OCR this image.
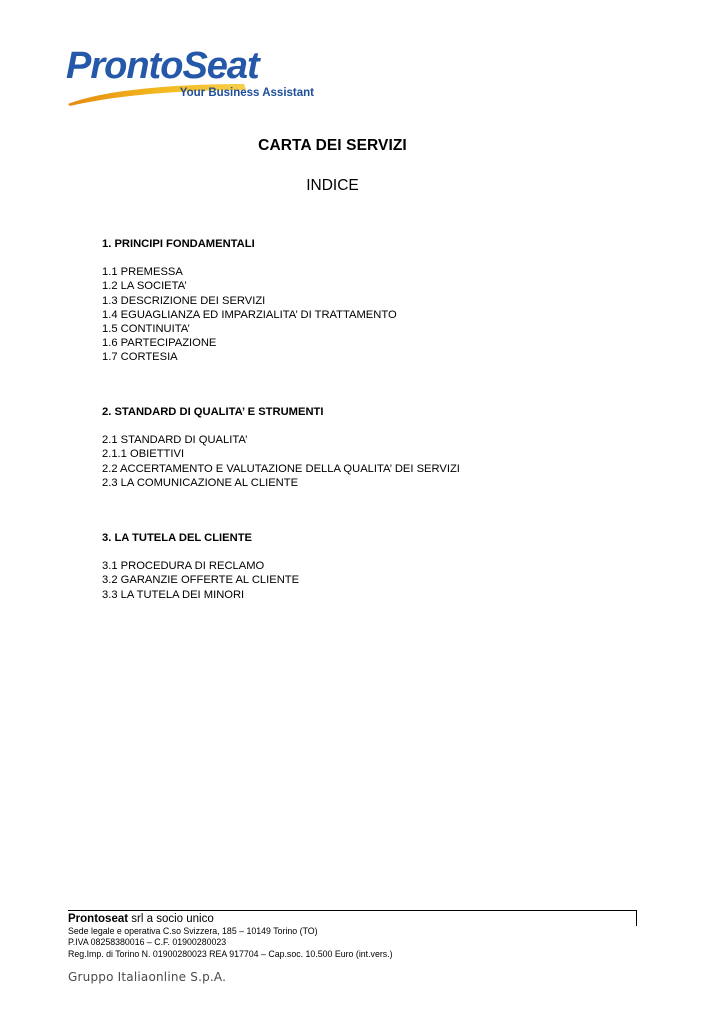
ProntoSeat
Your Business Assistant
CARTA DEI SERVIZI
INDICE
1. PRINCIPI FONDAMENTALI
1.1 PREMESSA
1.2 LA SOCIETA’
1.3 DESCRIZIONE DEI SERVIZI
1.4 EGUAGLIANZA ED IMPARZIALITA’ DI TRATTAMENTO
1.5 CONTINUITA’
1.6 PARTECIPAZIONE
1.7 CORTESIA
2. STANDARD DI QUALITA’ E STRUMENTI
2.1 STANDARD DI QUALITA’
2.1.1 OBIETTIVI
2.2 ACCERTAMENTO E VALUTAZIONE DELLA QUALITA’ DEI SERVIZI
2.3 LA COMUNICAZIONE AL CLIENTE
3. LA TUTELA DEL CLIENTE
3.1 PROCEDURA DI RECLAMO
3.2 GARANZIE OFFERTE AL CLIENTE
3.3 LA TUTELA DEI MINORI
Prontoseat srl a socio unico
Sede legale e operativa C.so Svizzera, 185 – 10149 Torino (TO)
P.IVA 08258380016 – C.F. 01900280023
Reg.Imp. di Torino N. 01900280023 REA 917704 – Cap.soc. 10.500 Euro (int.vers.)
Gruppo Italiaonline S.p.A.
